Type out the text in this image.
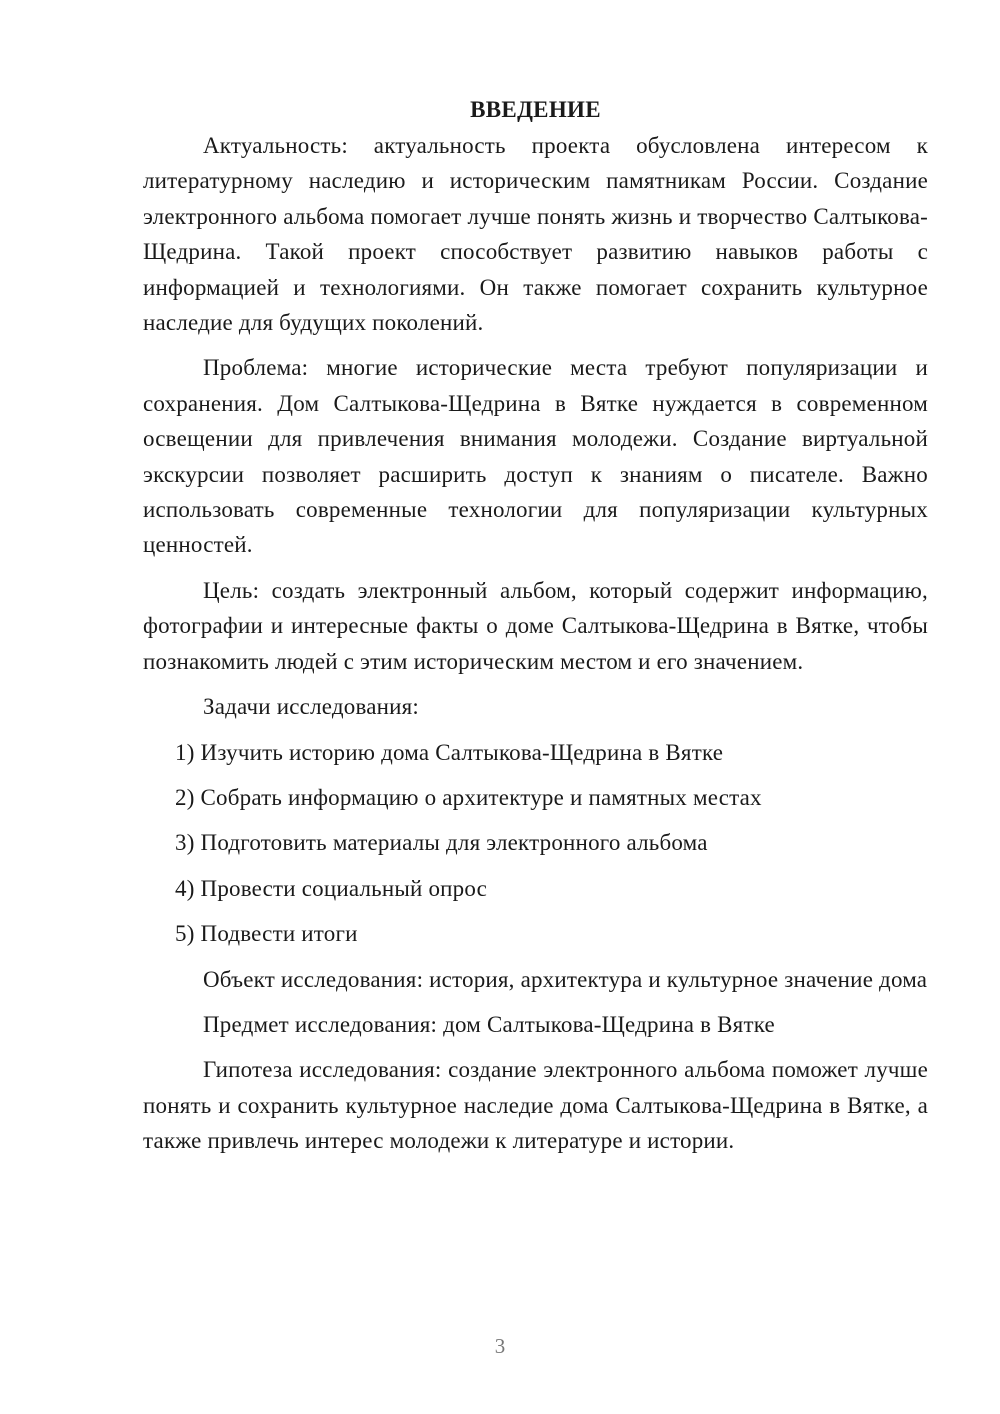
ВВЕДЕНИЕ

Актуальность: актуальность проекта обусловлена интересом к литературному наследию и историческим памятникам России. Создание электронного альбома помогает лучше понять жизнь и творчество Салтыкова-Щедрина. Такой проект способствует развитию навыков работы с информацией и технологиями. Он также помогает сохранить культурное наследие для будущих поколений.

Проблема: многие исторические места требуют популяризации и сохранения. Дом Салтыкова-Щедрина в Вятке нуждается в современном освещении для привлечения внимания молодежи. Создание виртуальной экскурсии позволяет расширить доступ к знаниям о писателе. Важно использовать современные технологии для популяризации культурных ценностей.

Цель: создать электронный альбом, который содержит информацию, фотографии и интересные факты о доме Салтыкова-Щедрина в Вятке, чтобы познакомить людей с этим историческим местом и его значением.

Задачи исследования:

1) Изучить историю дома Салтыкова-Щедрина в Вятке
2) Собрать информацию о архитектуре и памятных местах
3) Подготовить материалы для электронного альбома
4) Провести социальный опрос
5) Подвести итоги

Объект исследования: история, архитектура и культурное значение дома

Предмет исследования: дом Салтыкова-Щедрина в Вятке

Гипотеза исследования: создание электронного альбома поможет лучше понять и сохранить культурное наследие дома Салтыкова-Щедрина в Вятке, а также привлечь интерес молодежи к литературе и истории.

3
